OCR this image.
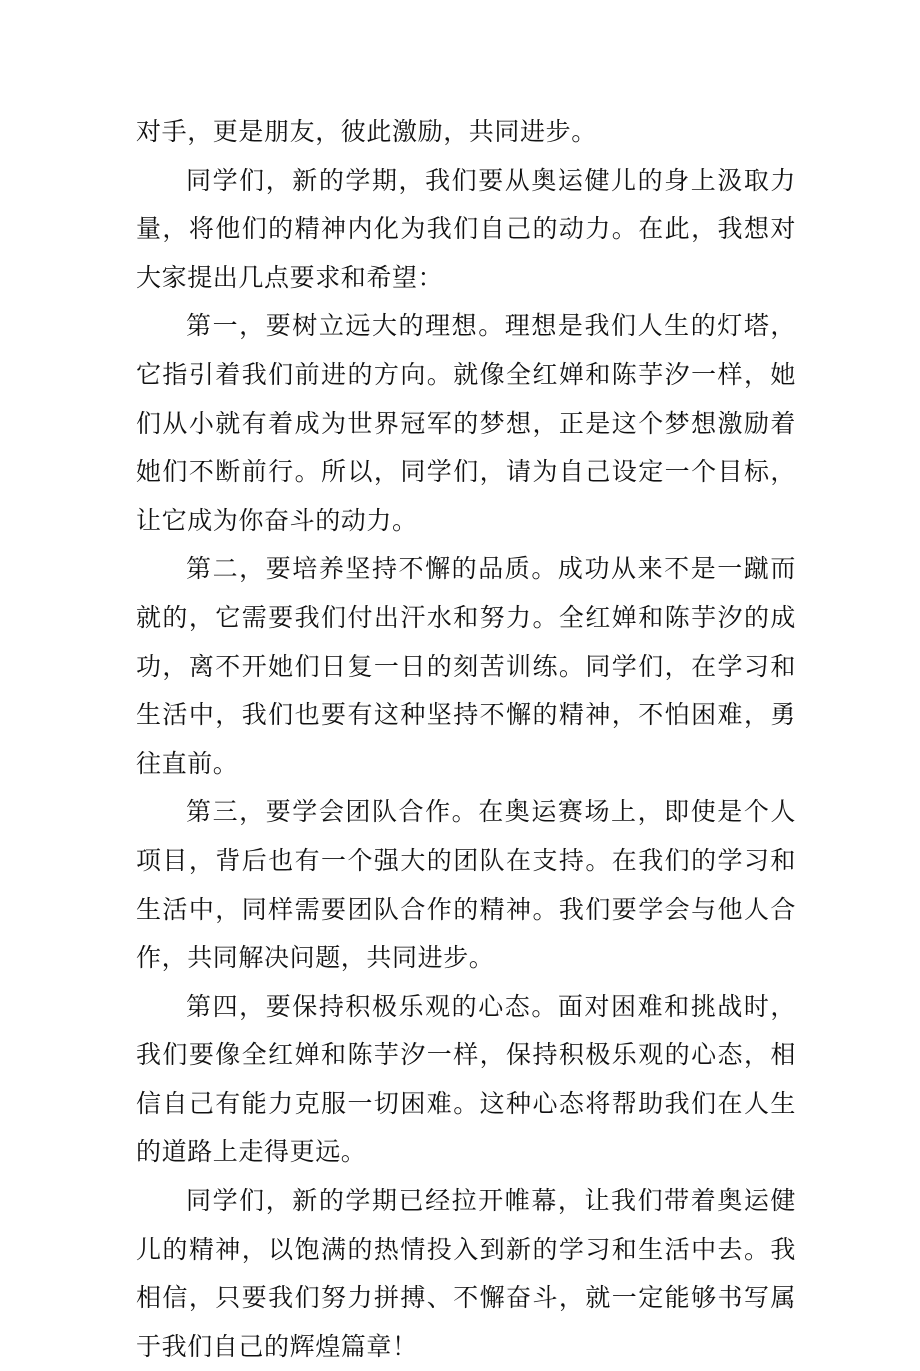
对手，更是朋友，彼此激励，共同进步。

同学们，新的学期，我们要从奥运健儿的身上汲取力量，将他们的精神内化为我们自己的动力。在此，我想对大家提出几点要求和希望：

第一，要树立远大的理想。理想是我们人生的灯塔，它指引着我们前进的方向。就像全红婵和陈芋汐一样，她们从小就有着成为世界冠军的梦想，正是这个梦想激励着她们不断前行。所以，同学们，请为自己设定一个目标，让它成为你奋斗的动力。

第二，要培养坚持不懈的品质。成功从来不是一蹴而就的，它需要我们付出汗水和努力。全红婵和陈芋汐的成功，离不开她们日复一日的刻苦训练。同学们，在学习和生活中，我们也要有这种坚持不懈的精神，不怕困难，勇往直前。

第三，要学会团队合作。在奥运赛场上，即使是个人项目，背后也有一个强大的团队在支持。在我们的学习和生活中，同样需要团队合作的精神。我们要学会与他人合作，共同解决问题，共同进步。

第四，要保持积极乐观的心态。面对困难和挑战时，我们要像全红婵和陈芋汐一样，保持积极乐观的心态，相信自己有能力克服一切困难。这种心态将帮助我们在人生的道路上走得更远。

同学们，新的学期已经拉开帷幕，让我们带着奥运健儿的精神，以饱满的热情投入到新的学习和生活中去。我相信，只要我们努力拼搏、不懈奋斗，就一定能够书写属于我们自己的辉煌篇章！
